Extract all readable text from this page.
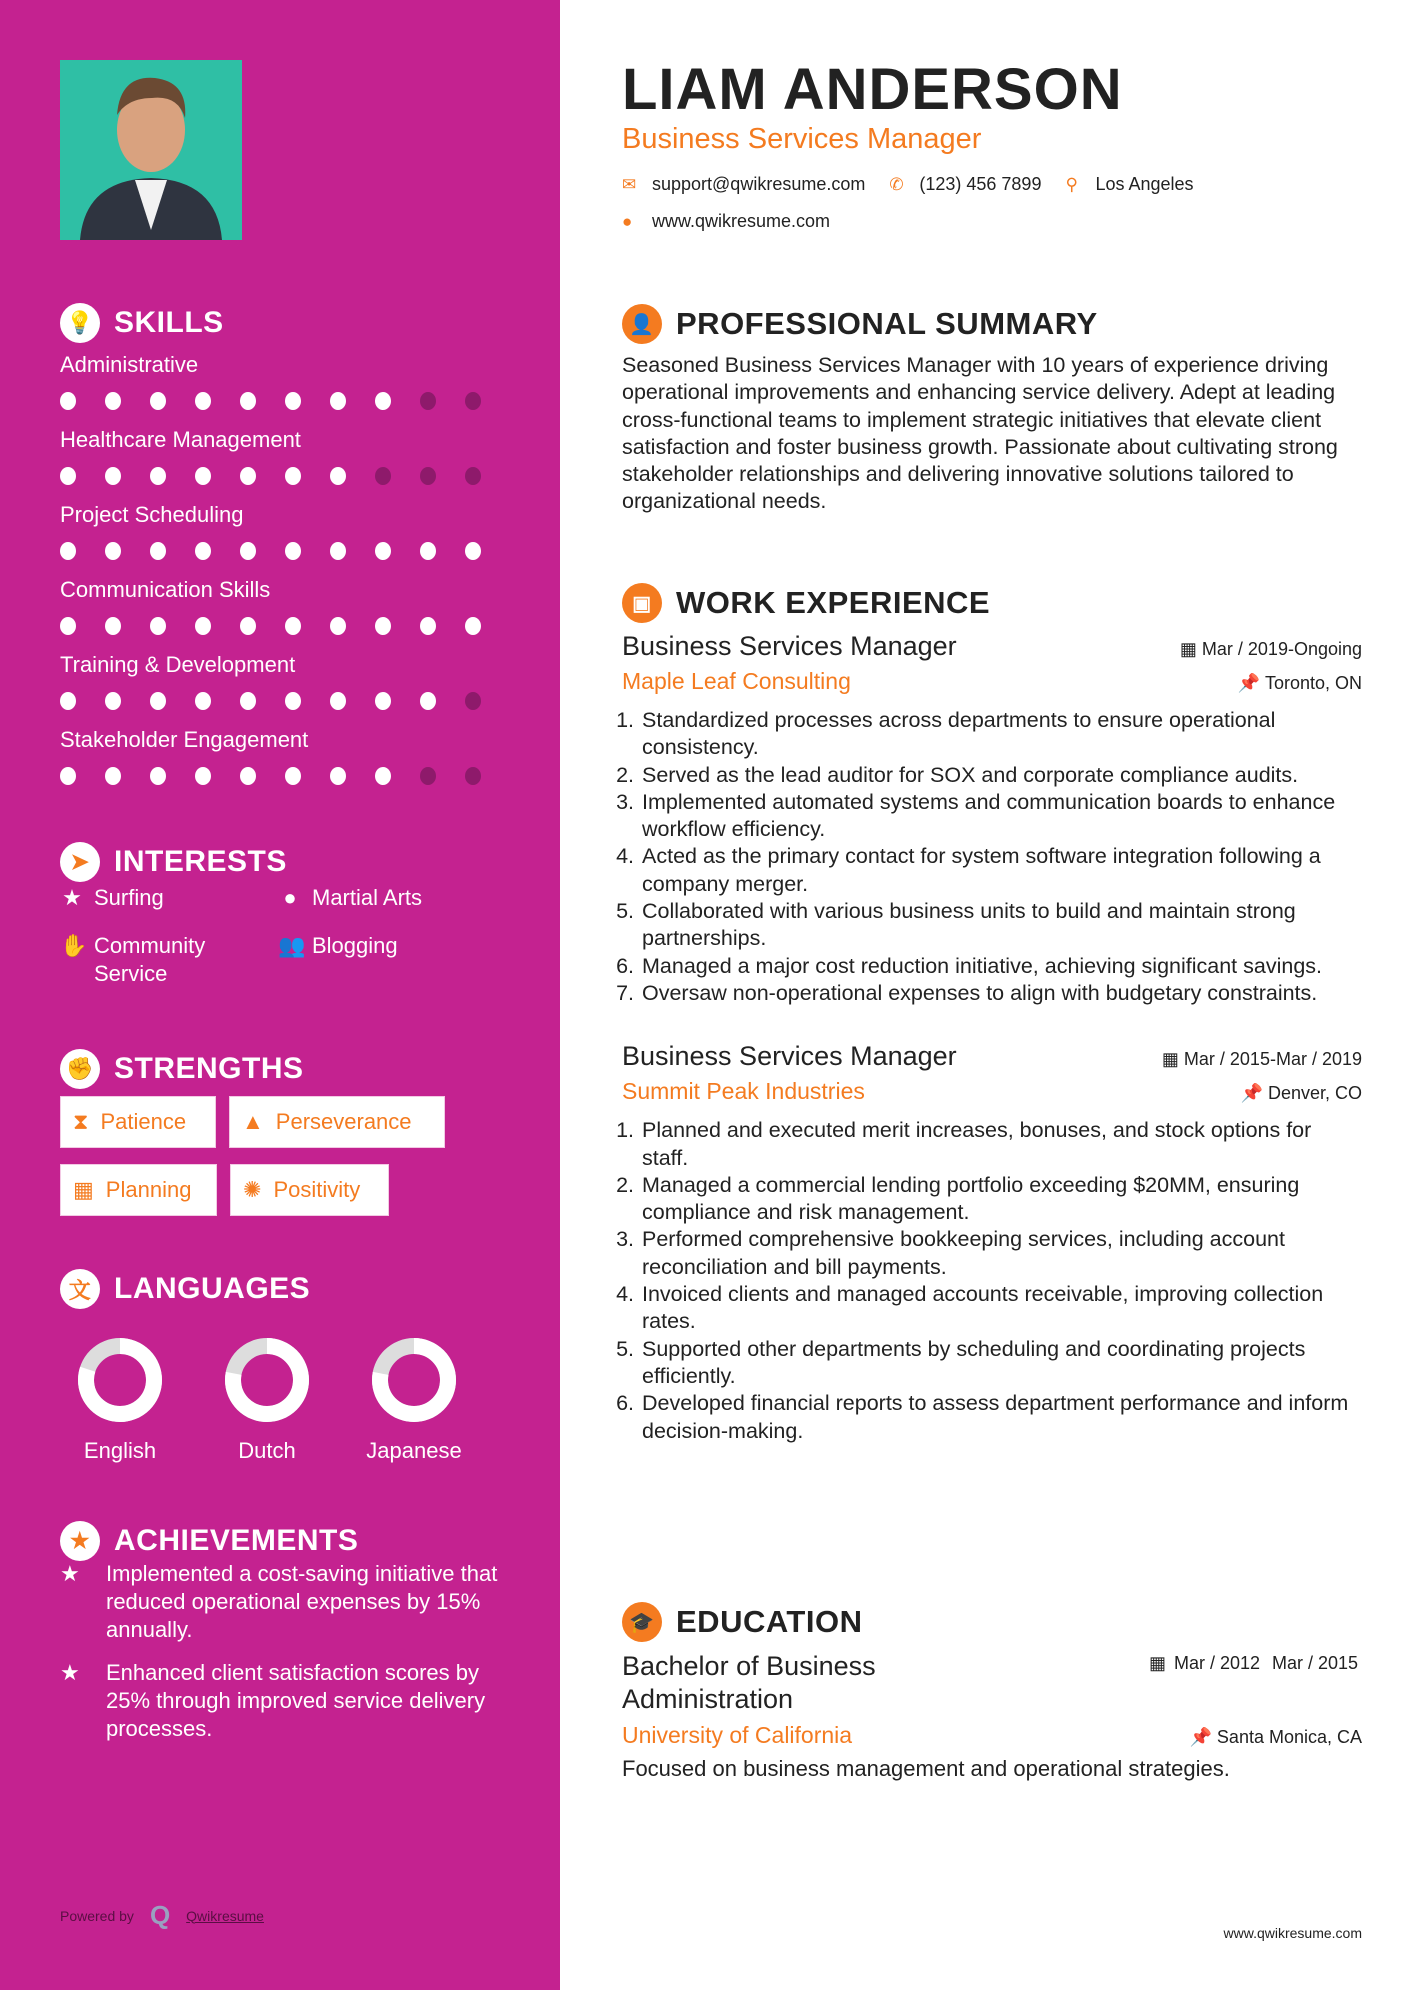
💡 SKILLS
Administrative
Healthcare Management
Project Scheduling
Communication Skills
Training & Development
Stakeholder Engagement
➤ INTERESTS
★ Surfing	● Martial Arts
✋ Community Service
👥 Blogging
✊ STRENGTHS
⧗ Patience	▲ Perseverance
▦ Planning ✺ Positivity
文 LANGUAGES
English	Dutch	Japanese
★ ACHIEVEMENTS
★	Implemented a cost-saving initiative that reduced operational expenses by 15% annually.
★	Enhanced client satisfaction scores by 25% through improved service delivery processes.
Powered by Q Qwikresume
LIAM ANDERSON
Business Services Manager
✉ support@qwikresume.com ✆ (123) 456 7899 ⚲ Los Angeles
●	www.qwikresume.com
👤 PROFESSIONAL SUMMARY

Seasoned Business Services Manager with 10 years of experience driving operational improvements and enhancing service delivery. Adept at leading cross-functional teams to implement strategic initiatives that elevate client satisfaction and foster business growth. Passionate about cultivating strong stakeholder relationships and delivering innovative solutions tailored to organizational needs.

▣ WORK EXPERIENCE
Business Services Manager	▦ Mar / 2019-Ongoing
Maple Leaf Consulting	📌 Toronto, ON
1. Standardized processes across departments to ensure operational consistency.
2. Served as the lead auditor for SOX and corporate compliance audits.
3. Implemented automated systems and communication boards to enhance workflow efficiency.
4. Acted as the primary contact for system software integration following a company merger.
5. Collaborated with various business units to build and maintain strong partnerships.
6. Managed a major cost reduction initiative, achieving significant savings.
7. Oversaw non-operational expenses to align with budgetary constraints.
Business Services Manager	▦ Mar / 2015-Mar / 2019
Summit Peak Industries	📌 Denver, CO
1. Planned and executed merit increases, bonuses, and stock options for staff.
2. Managed a commercial lending portfolio exceeding $20MM, ensuring compliance and risk management.
3. Performed comprehensive bookkeeping services, including account reconciliation and bill payments.
4. Invoiced clients and managed accounts receivable, improving collection rates.
5. Supported other departments by scheduling and coordinating projects efficiently.
6. Developed financial reports to assess department performance and inform decision-making.
🎓 EDUCATION
Bachelor of Business Administration
▦ Mar / 2012 Mar / 2015
University of California	📌 Santa Monica, CA

Focused on business management and operational strategies.

www.qwikresume.com
